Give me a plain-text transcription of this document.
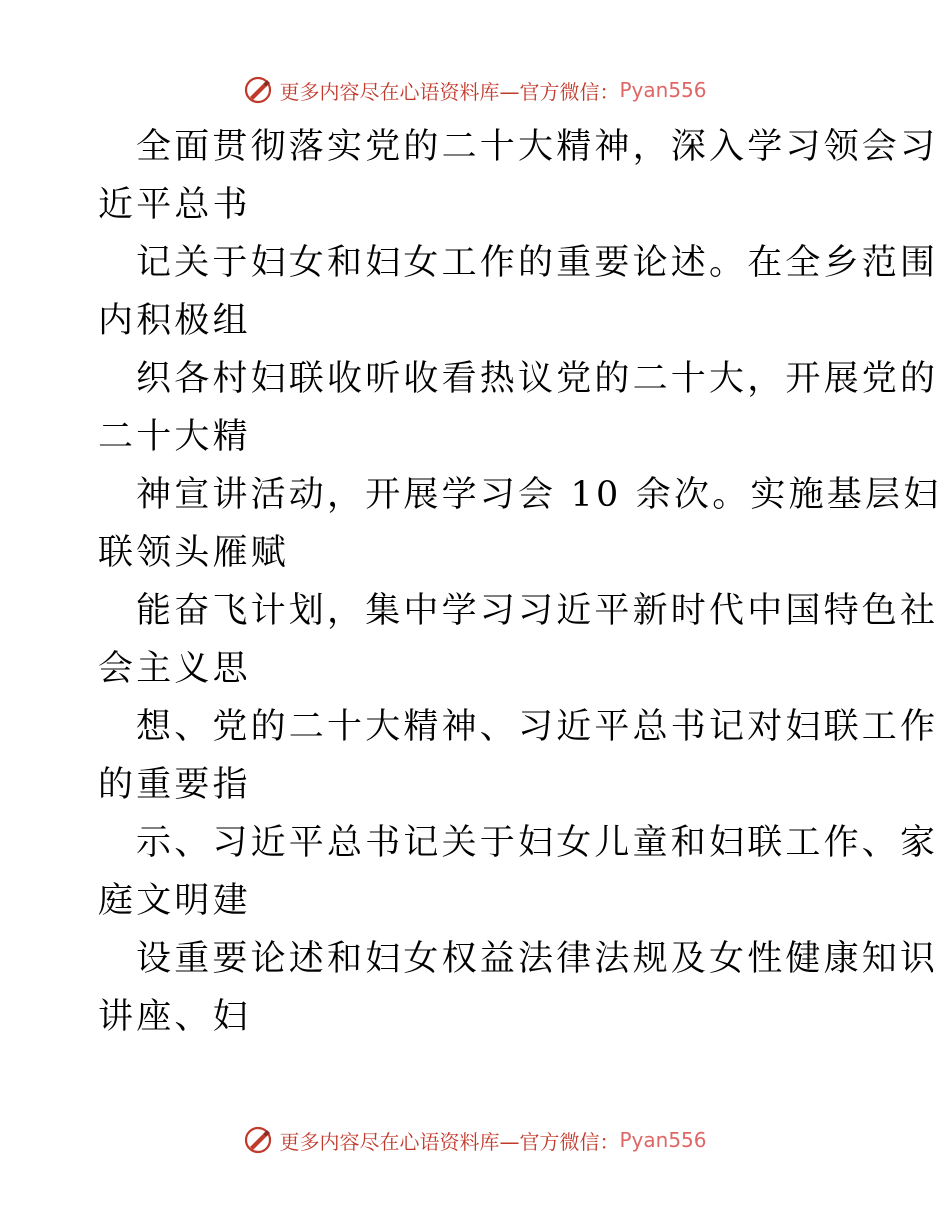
更多内容尽在心语资料库—官方微信： Pyan556
全面贯彻落实党的二十大精神，深入学习领会习
近平总书
记关于妇女和妇女工作的重要论述。在全乡范围
内积极组
织各村妇联收听收看热议党的二十大，开展党的
二十大精
神宣讲活动，开展学习会 10 余次。实施基层妇
联领头雁赋
能奋飞计划，集中学习习近平新时代中国特色社
会主义思
想、党的二十大精神、习近平总书记对妇联工作
的重要指
示、习近平总书记关于妇女儿童和妇联工作、家
庭文明建
设重要论述和妇女权益法律法规及女性健康知识
讲座、妇
更多内容尽在心语资料库—官方微信： Pyan556
